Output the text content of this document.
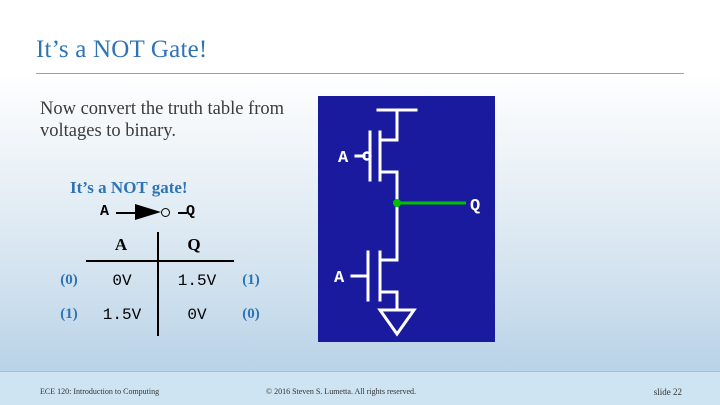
It’s a NOT Gate!
Now convert the truth table from voltages to binary.
It’s a NOT gate!
A	Q
A	Q
(0)	0V	1.5V	(1)
(1)	1.5V	0V	(0)
A
A
Q
ECE 120: Introduction to Computing	© 2016 Steven S. Lumetta. All rights reserved.	slide 22
